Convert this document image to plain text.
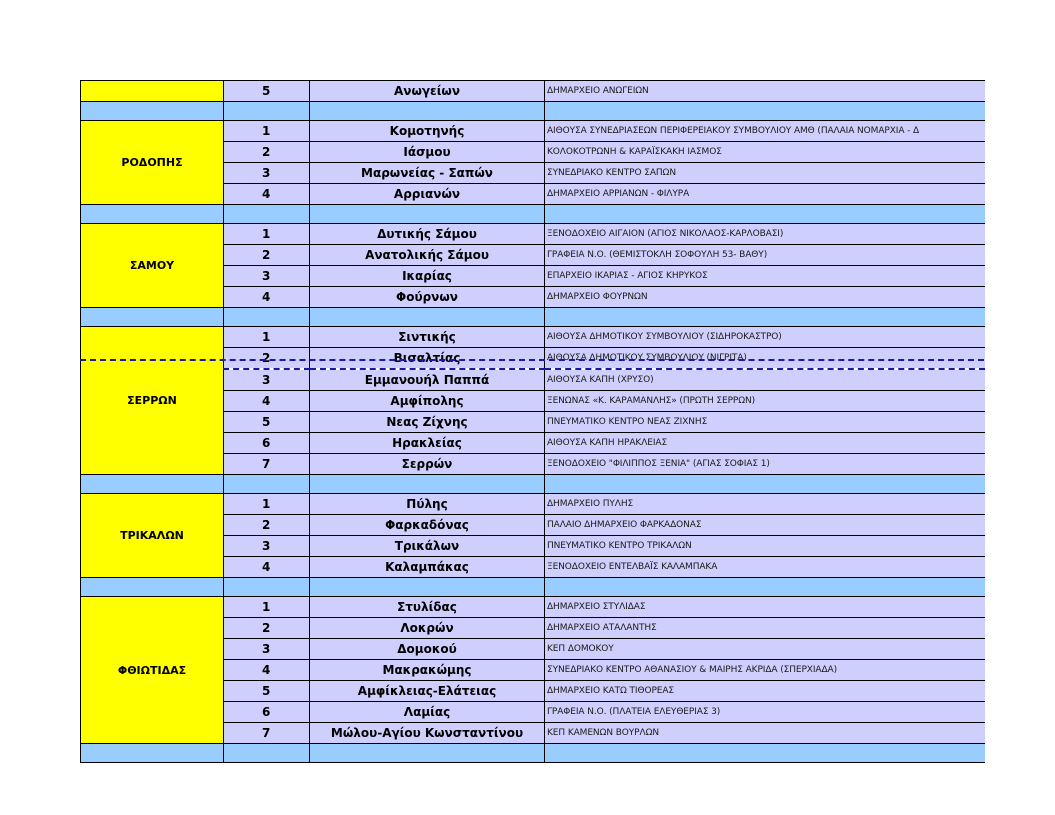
	5	Ανωγείων	ΔΗΜΑΡΧΕΙΟ ΑΝΩΓΕΙΩΝ

ΡΟΔΟΠΗΣ	1	Κομοτηνής	ΑΙΘΟΥΣΑ ΣΥΝΕΔΡΙΑΣΕΩΝ ΠΕΡΙΦΕΡΕΙΑΚΟΥ ΣΥΜΒΟΥΛΙΟΥ ΑΜΘ (ΠΑΛΑΙΑ ΝΟΜΑΡΧΙΑ - Δ
	2	Ιάσμου	ΚΟΛΟΚΟΤΡΩΝΗ & ΚΑΡΑΪΣΚΑΚΗ ΙΑΣΜΟΣ
	3	Μαρωνείας - Σαπών	ΣΥΝΕΔΡΙΑΚΟ ΚΕΝΤΡΟ ΣΑΠΩΝ
	4	Αρριανών	ΔΗΜΑΡΧΕΙΟ ΑΡΡΙΑΝΩΝ - ΦΙΛΥΡΑ

ΣΑΜΟΥ	1	Δυτικής Σάμου	ΞΕΝΟΔΟΧΕΙΟ ΑΙΓΑΙΟΝ (ΑΓΙΟΣ ΝΙΚΟΛΑΟΣ-ΚΑΡΛΟΒΑΣΙ)
	2	Ανατολικής Σάμου	ΓΡΑΦΕΙΑ Ν.Ο. (ΘΕΜΙΣΤΟΚΛΗ ΣΟΦΟΥΛΗ 53- ΒΑΘΥ)
	3	Ικαρίας	ΕΠΑΡΧΕΙΟ ΙΚΑΡΙΑΣ - ΑΓΙΟΣ ΚΗΡΥΚΟΣ
	4	Φούρνων	ΔΗΜΑΡΧΕΙΟ ΦΟΥΡΝΩΝ

ΣΕΡΡΩΝ	1	Σιντικής	ΑΙΘΟΥΣΑ ΔΗΜΟΤΙΚΟΥ ΣΥΜΒΟΥΛΙΟΥ (ΣΙΔΗΡΟΚΑΣΤΡΟ)
	2	Βισαλτίας	ΑΙΘΟΥΣΑ ΔΗΜΟΤΙΚΟΥ ΣΥΜΒΟΥΛΙΟΥ (ΝΙΓΡΙΤΑ)
	3	Εμμανουήλ Παππά	ΑΙΘΟΥΣΑ ΚΑΠΗ (ΧΡΥΣΟ)
	4	Αμφίπολης	ΞΕΝΩΝΑΣ «Κ. ΚΑΡΑΜΑΝΛΗΣ» (ΠΡΩΤΗ ΣΕΡΡΩΝ)
	5	Νεας Ζίχνης	ΠΝΕΥΜΑΤΙΚΟ ΚΕΝΤΡΟ ΝΕΑΣ ΖΙΧΝΗΣ
	6	Ηρακλείας	ΑΙΘΟΥΣΑ ΚΑΠΗ ΗΡΑΚΛΕΙΑΣ
	7	Σερρών	ΞΕΝΟΔΟΧΕΙΟ "ΦΙΛΙΠΠΟΣ ΞΕΝΙΑ" (ΑΓΙΑΣ ΣΟΦΙΑΣ 1)

ΤΡΙΚΑΛΩΝ	1	Πύλης	ΔΗΜΑΡΧΕΙΟ ΠΥΛΗΣ
	2	Φαρκαδόνας	ΠΑΛΑΙΟ ΔΗΜΑΡΧΕΙΟ ΦΑΡΚΑΔΟΝΑΣ
	3	Τρικάλων	ΠΝΕΥΜΑΤΙΚΟ ΚΕΝΤΡΟ ΤΡΙΚΑΛΩΝ
	4	Καλαμπάκας	ΞΕΝΟΔΟΧΕΙΟ ΕΝΤΕΛΒΑΪΣ ΚΑΛΑΜΠΑΚΑ

ΦΘΙΩΤΙΔΑΣ	1	Στυλίδας	ΔΗΜΑΡΧΕΙΟ ΣΤΥΛΙΔΑΣ
	2	Λοκρών	ΔΗΜΑΡΧΕΙΟ ΑΤΑΛΑΝΤΗΣ
	3	Δομοκού	ΚΕΠ ΔΟΜΟΚΟΥ
	4	Μακρακώμης	ΣΥΝΕΔΡΙΑΚΟ ΚΕΝΤΡΟ ΑΘΑΝΑΣΙΟΥ & ΜΑΙΡΗΣ ΑΚΡΙΔΑ (ΣΠΕΡΧΙΑΔΑ)
	5	Αμφίκλειας-Ελάτειας	ΔΗΜΑΡΧΕΙΟ ΚΑΤΩ ΤΙΘΟΡΕΑΣ
	6	Λαμίας	ΓΡΑΦΕΙΑ Ν.Ο. (ΠΛΑΤΕΙΑ ΕΛΕΥΘΕΡΙΑΣ 3)
	7	Μώλου-Αγίου Κωνσταντίνου	ΚΕΠ ΚΑΜΕΝΩΝ ΒΟΥΡΛΩΝ
